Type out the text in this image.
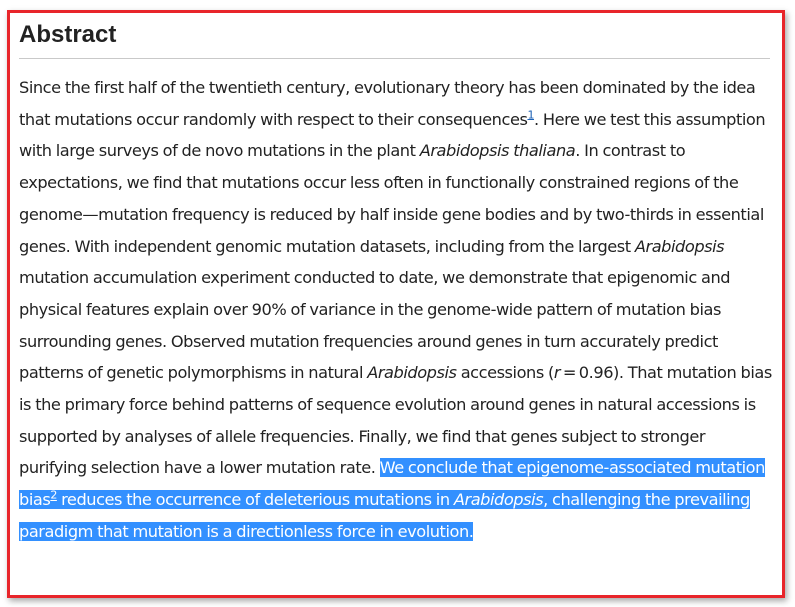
Abstract

Since the first half of the twentieth century, evolutionary theory has been dominated by the idea that mutations occur randomly with respect to their consequences$^1$. Here we test this assumption with large surveys of de novo mutations in the plant Arabidopsis thaliana. In contrast to expectations, we find that mutations occur less often in functionally constrained regions of the genome—mutation frequency is reduced by half inside gene bodies and by two-thirds in essential genes. With independent genomic mutation datasets, including from the largest Arabidopsis mutation accumulation experiment conducted to date, we demonstrate that epigenomic and physical features explain over 90% of variance in the genome-wide pattern of mutation bias surrounding genes. Observed mutation frequencies around genes in turn accurately predict patterns of genetic polymorphisms in natural Arabidopsis accessions (r = 0.96). That mutation bias is the primary force behind patterns of sequence evolution around genes in natural accessions is supported by analyses of allele frequencies. Finally, we find that genes subject to stronger purifying selection have a lower mutation rate. We conclude that epigenome-associated mutation bias$^2$ reduces the occurrence of deleterious mutations in Arabidopsis, challenging the prevailing paradigm that mutation is a directionless force in evolution.
